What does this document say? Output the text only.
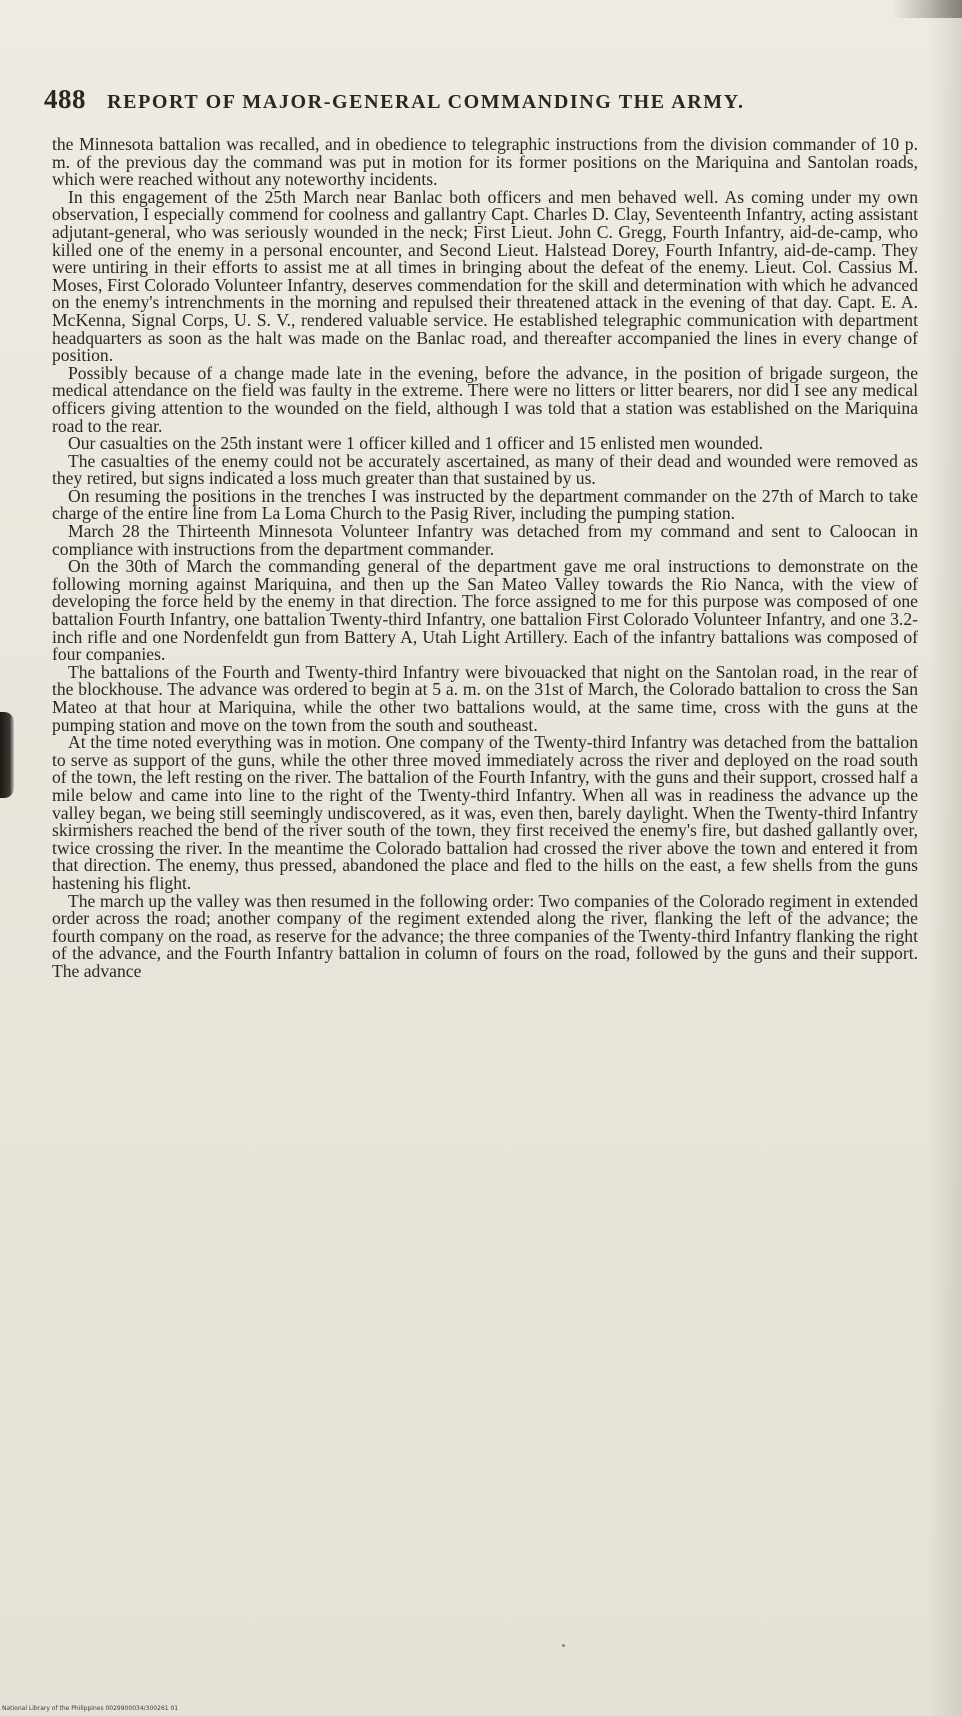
488 REPORT OF MAJOR-GENERAL COMMANDING THE ARMY.

the Minnesota battalion was recalled, and in obedience to telegraphic instructions from the division commander of 10 p. m. of the previous day the command was put in motion for its former positions on the Mariquina and Santolan roads, which were reached without any noteworthy incidents.

In this engagement of the 25th March near Banlac both officers and men behaved well. As coming under my own observation, I especially commend for coolness and gallantry Capt. Charles D. Clay, Seventeenth Infantry, acting assistant adjutant-general, who was seriously wounded in the neck; First Lieut. John C. Gregg, Fourth Infantry, aid-de-camp, who killed one of the enemy in a personal encounter, and Second Lieut. Halstead Dorey, Fourth Infantry, aid-de-camp. They were untiring in their efforts to assist me at all times in bringing about the defeat of the enemy. Lieut. Col. Cassius M. Moses, First Colorado Volunteer Infantry, deserves commendation for the skill and determination with which he advanced on the enemy's intrenchments in the morning and repulsed their threatened attack in the evening of that day. Capt. E. A. McKenna, Signal Corps, U. S. V., rendered valuable service. He established telegraphic communication with department headquarters as soon as the halt was made on the Banlac road, and thereafter accompanied the lines in every change of position.

Possibly because of a change made late in the evening, before the advance, in the position of brigade surgeon, the medical attendance on the field was faulty in the extreme. There were no litters or litter bearers, nor did I see any medical officers giving attention to the wounded on the field, although I was told that a station was established on the Mariquina road to the rear.

Our casualties on the 25th instant were 1 officer killed and 1 officer and 15 enlisted men wounded.

The casualties of the enemy could not be accurately ascertained, as many of their dead and wounded were removed as they retired, but signs indicated a loss much greater than that sustained by us.

On resuming the positions in the trenches I was instructed by the department commander on the 27th of March to take charge of the entire line from La Loma Church to the Pasig River, including the pumping station.

March 28 the Thirteenth Minnesota Volunteer Infantry was detached from my command and sent to Caloocan in compliance with instructions from the department commander.

On the 30th of March the commanding general of the department gave me oral instructions to demonstrate on the following morning against Mariquina, and then up the San Mateo Valley towards the Rio Nanca, with the view of developing the force held by the enemy in that direction. The force assigned to me for this purpose was composed of one battalion Fourth Infantry, one battalion Twenty-third Infantry, one battalion First Colorado Volunteer Infantry, and one 3.2-inch rifle and one Nordenfeldt gun from Battery A, Utah Light Artillery. Each of the infantry battalions was composed of four companies.

The battalions of the Fourth and Twenty-third Infantry were bivouacked that night on the Santolan road, in the rear of the blockhouse. The advance was ordered to begin at 5 a. m. on the 31st of March, the Colorado battalion to cross the San Mateo at that hour at Mariquina, while the other two battalions would, at the same time, cross with the guns at the pumping station and move on the town from the south and southeast.

At the time noted everything was in motion. One company of the Twenty-third Infantry was detached from the battalion to serve as support of the guns, while the other three moved immediately across the river and deployed on the road south of the town, the left resting on the river. The battalion of the Fourth Infantry, with the guns and their support, crossed half a mile below and came into line to the right of the Twenty-third Infantry. When all was in readiness the advance up the valley began, we being still seemingly undiscovered, as it was, even then, barely daylight. When the Twenty-third Infantry skirmishers reached the bend of the river south of the town, they first received the enemy's fire, but dashed gallantly over, twice crossing the river. In the meantime the Colorado battalion had crossed the river above the town and entered it from that direction. The enemy, thus pressed, abandoned the place and fled to the hills on the east, a few shells from the guns hastening his flight.

The march up the valley was then resumed in the following order: Two companies of the Colorado regiment in extended order across the road; another company of the regiment extended along the river, flanking the left of the advance; the fourth company on the road, as reserve for the advance; the three companies of the Twenty-third Infantry flanking the right of the advance, and the Fourth Infantry battalion in column of fours on the road, followed by the guns and their support. The advance

National Library of the Philippines 0029900034/300261 01
